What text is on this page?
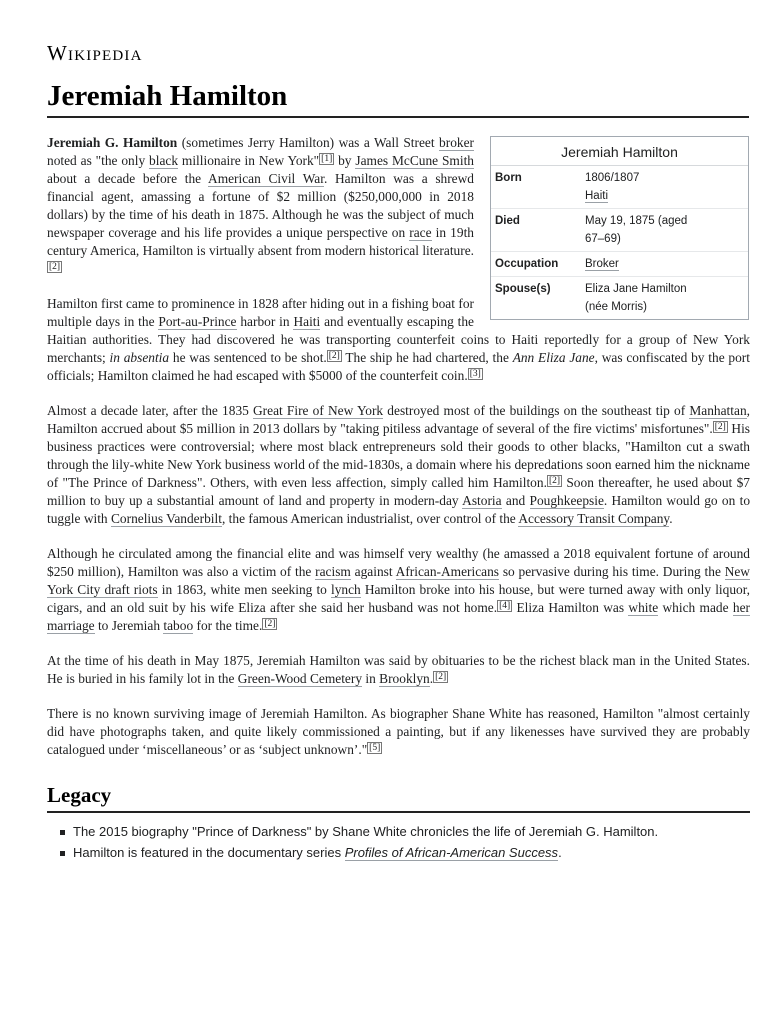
Wikipedia
Jeremiah Hamilton
Jeremiah Hamilton
Born	1806/1807
Haiti

Died	May 19, 1875 (aged
67–69)

Occupation	Broker
Spouse(s)	Eliza Jane Hamilton
(née Morris)

Jeremiah G. Hamilton (sometimes Jerry Hamilton) was a Wall Street broker noted as "the only black millionaire in New York" [1] by James McCune Smith about a decade before the American Civil War. Hamilton was a shrewd financial agent, amassing a fortune of $2 million ($250,000,000 in 2018 dollars) by the time of his death in 1875. Although he was the subject of much newspaper coverage and his life provides a unique perspective on race in 19th century America, Hamilton is virtually absent from modern historical literature.[2]

Hamilton first came to prominence in 1828 after hiding out in a fishing boat for multiple days in the Port-au-Prince harbor in Haiti and eventually escaping the Haitian authorities. They had discovered he was transporting counterfeit coins to Haiti reportedly for a group of New York merchants; in absentia he was sentenced to be shot. [2] The ship he had chartered, the Ann Eliza Jane, was confiscated by the port officials; Hamilton claimed he had escaped with $5000 of the counterfeit coin. [3]

Almost a decade later, after the 1835 Great Fire of New York destroyed most of the buildings on the southeast tip of Manhattan, Hamilton accrued about $5 million in 2013 dollars by "taking pitiless advantage of several of the fire victims' misfortunes". [2] His business practices were controversial; where most black entrepreneurs sold their goods to other blacks, "Hamilton cut a swath through the lily-white New York business world of the mid-1830s, a domain where his depredations soon earned him the nickname of "The Prince of Darkness". Others, with even less affection, simply called him Hamilton. [2] Soon thereafter, he used about $7 million to buy up a substantial amount of land and property in modern-day Astoria and Poughkeepsie. Hamilton would go on to tuggle with Cornelius Vanderbilt, the famous American industrialist, over control of the Accessory Transit Company.

Although he circulated among the financial elite and was himself very wealthy (he amassed a 2018 equivalent fortune of around $250 million), Hamilton was also a victim of the racism against African-Americans so pervasive during his time. During the New York City draft riots in 1863, white men seeking to lynch Hamilton broke into his house, but were turned away with only liquor, cigars, and an old suit by his wife Eliza after she said her husband was not home. [4] Eliza Hamilton was white which made her marriage to Jeremiah taboo for the time. [2]

At the time of his death in May 1875, Jeremiah Hamilton was said by obituaries to be the richest black man in the United States. He is buried in his family lot in the Green-Wood Cemetery in Brooklyn. [2]

There is no known surviving image of Jeremiah Hamilton. As biographer Shane White has reasoned, Hamilton "almost certainly did have photographs taken, and quite likely commissioned a painting, but if any likenesses have survived they are probably catalogued under ‘miscellaneous’ or as ‘subject unknown’." [5]

Legacy
The 2015 biography "Prince of Darkness" by Shane White chronicles the life of Jeremiah G. Hamilton.
Hamilton is featured in the documentary series Profiles of African-American Success.
